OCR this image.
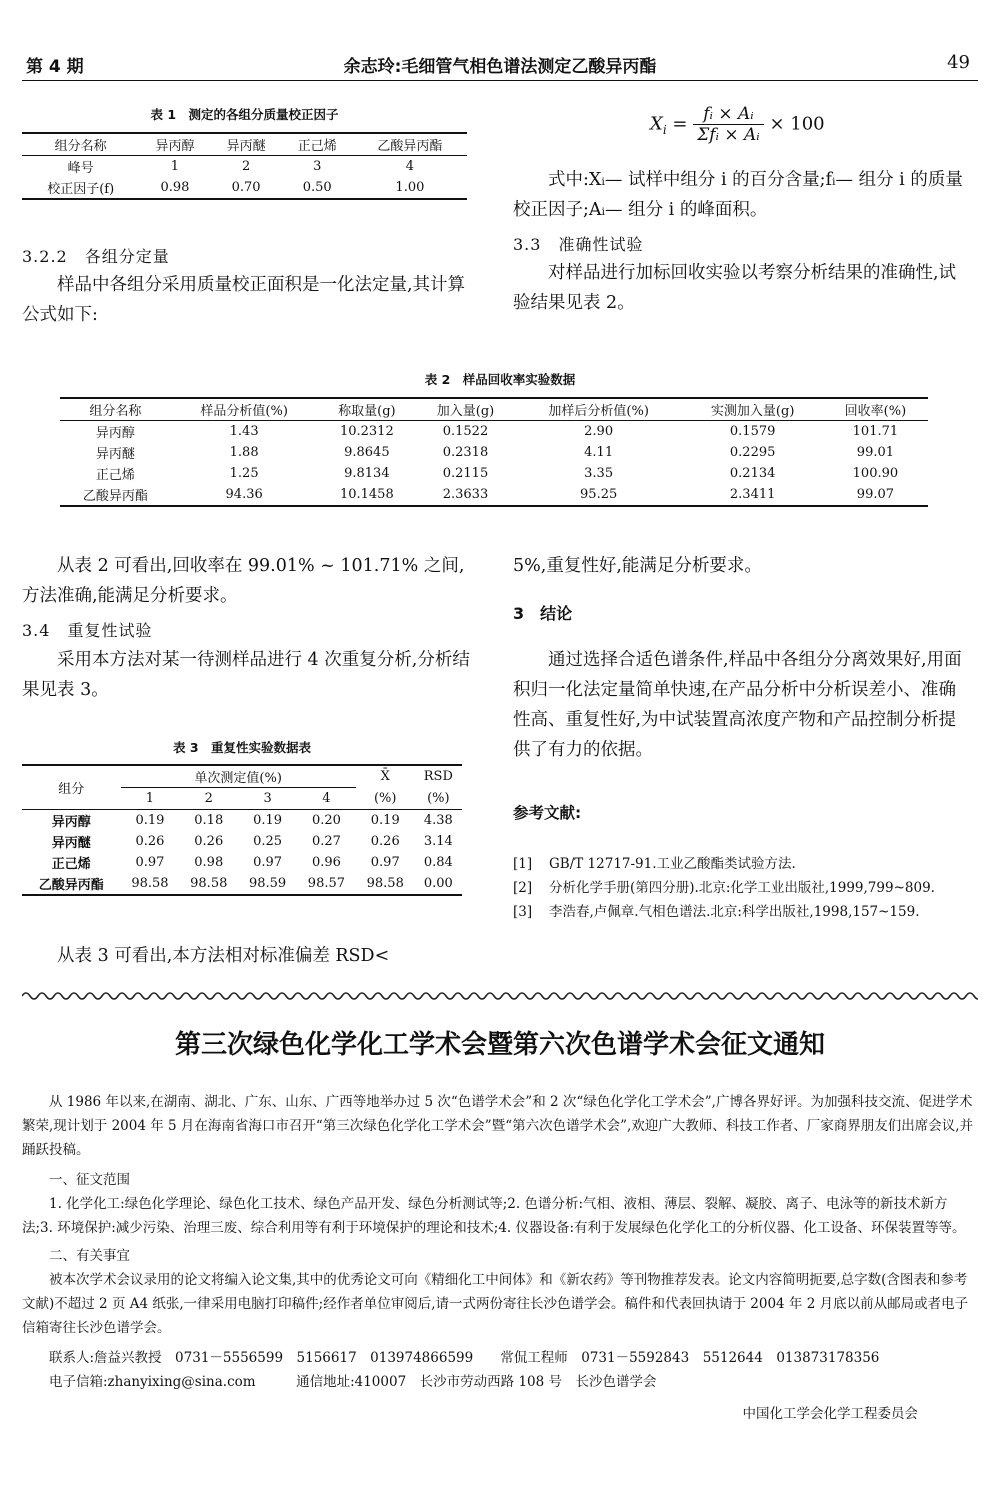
第 4 期	余志玲:毛细管气相色谱法测定乙酸异丙酯	49
表 1　测定的各组分质量校正因子
组分名称	异丙醇	异丙醚	正己烯	乙酸异丙酯
峰号	1	2	3	4
校正因子(f)	0.98	0.70	0.50	1.00
3.2.2　各组分定量

样品中各组分采用质量校正面积是一化法定量,其计算公式如下:

$X_i = \frac{\text{fᵢ × Aᵢ}}{\text{Σfᵢ × Aᵢ}} \times 100$

式中:Xᵢ— 试样中组分 i 的百分含量;fᵢ— 组分 i 的质量校正因子;Aᵢ— 组分 i 的峰面积。

3.3　准确性试验

对样品进行加标回收实验以考察分析结果的准确性,试验结果见表 2。

表 2　样品回收率实验数据
组分名称	样品分析值(%)	称取量(g)	加入量(g)	加样后分析值(%)	实测加入量(g)	回收率(%)
异丙醇	1.43	10.2312	0.1522	2.90	0.1579	101.71
异丙醚	1.88	9.8645	0.2318	4.11	0.2295	99.01
正己烯	1.25	9.8134	0.2115	3.35	0.2134	100.90
乙酸异丙酯	94.36	10.1458	2.3633	95.25	2.3411	99.07

从表 2 可看出,回收率在 99.01% ~ 101.71% 之间,方法准确,能满足分析要求。

3.4　重复性试验

采用本方法对某一待测样品进行 4 次重复分析,分析结果见表 3。

表 3　重复性实验数据表
组分	单次测定值(%)				X̄	RSD
	1	2	3	4	(%)	(%)
异丙醇	0.19	0.18	0.19	0.20	0.19	4.38
异丙醚	0.26	0.26	0.25	0.27	0.26	3.14
正己烯	0.97	0.98	0.97	0.96	0.97	0.84
乙酸异丙酯	98.58	98.58	98.59	98.57	98.58	0.00

从表 3 可看出,本方法相对标准偏差 RSD<

5%,重复性好,能满足分析要求。
3　结论

通过选择合适色谱条件,样品中各组分分离效果好,用面积归一化法定量简单快速,在产品分析中分析误差小、准确性高、重复性好,为中试装置高浓度产物和产品控制分析提供了有力的依据。

参考文献:
[1]	GB/T 12717-91.工业乙酸酯类试验方法.
[2]	分析化学手册(第四分册).北京:化学工业出版社,1999,799~809.
[3]	李浩春,卢佩章.气相色谱法.北京:科学出版社,1998,157~159.
第三次绿色化学化工学术会暨第六次色谱学术会征文通知

从 1986 年以来,在湖南、湖北、广东、山东、广西等地举办过 5 次“色谱学术会”和 2 次“绿色化学化工学术会”,广博各界好评。为加强科技交流、促进学术繁荣,现计划于 2004 年 5 月在海南省海口市召开“第三次绿色化学化工学术会”暨“第六次色谱学术会”,欢迎广大教师、科技工作者、厂家商界朋友们出席会议,并踊跃投稿。

一、征文范围

1. 化学化工:绿色化学理论、绿色化工技术、绿色产品开发、绿色分析测试等;2. 色谱分析:气相、液相、薄层、裂解、凝胶、离子、电泳等的新技术新方法;3. 环境保护:减少污染、治理三废、综合利用等有利于环境保护的理论和技术;4. 仪器设备:有利于发展绿色化学化工的分析仪器、化工设备、环保装置等等。

二、有关事宜

被本次学术会议录用的论文将编入论文集,其中的优秀论文可向《精细化工中间体》和《新农药》等刊物推荐发表。论文内容简明扼要,总字数(含图表和参考文献)不超过 2 页 A4 纸张,一律采用电脑打印稿件;经作者单位审阅后,请一式两份寄往长沙色谱学会。稿件和代表回执请于 2004 年 2 月底以前从邮局或者电子信箱寄往长沙色谱学会。

联系人:詹益兴教授　0731－5556599　5156617　013974866599　　常侃工程师　0731－5592843　5512644　013873178356

电子信箱:zhanyixing@sina.com　　　通信地址:410007　长沙市劳动西路 108 号　长沙色谱学会

中国化工学会化学工程委员会
